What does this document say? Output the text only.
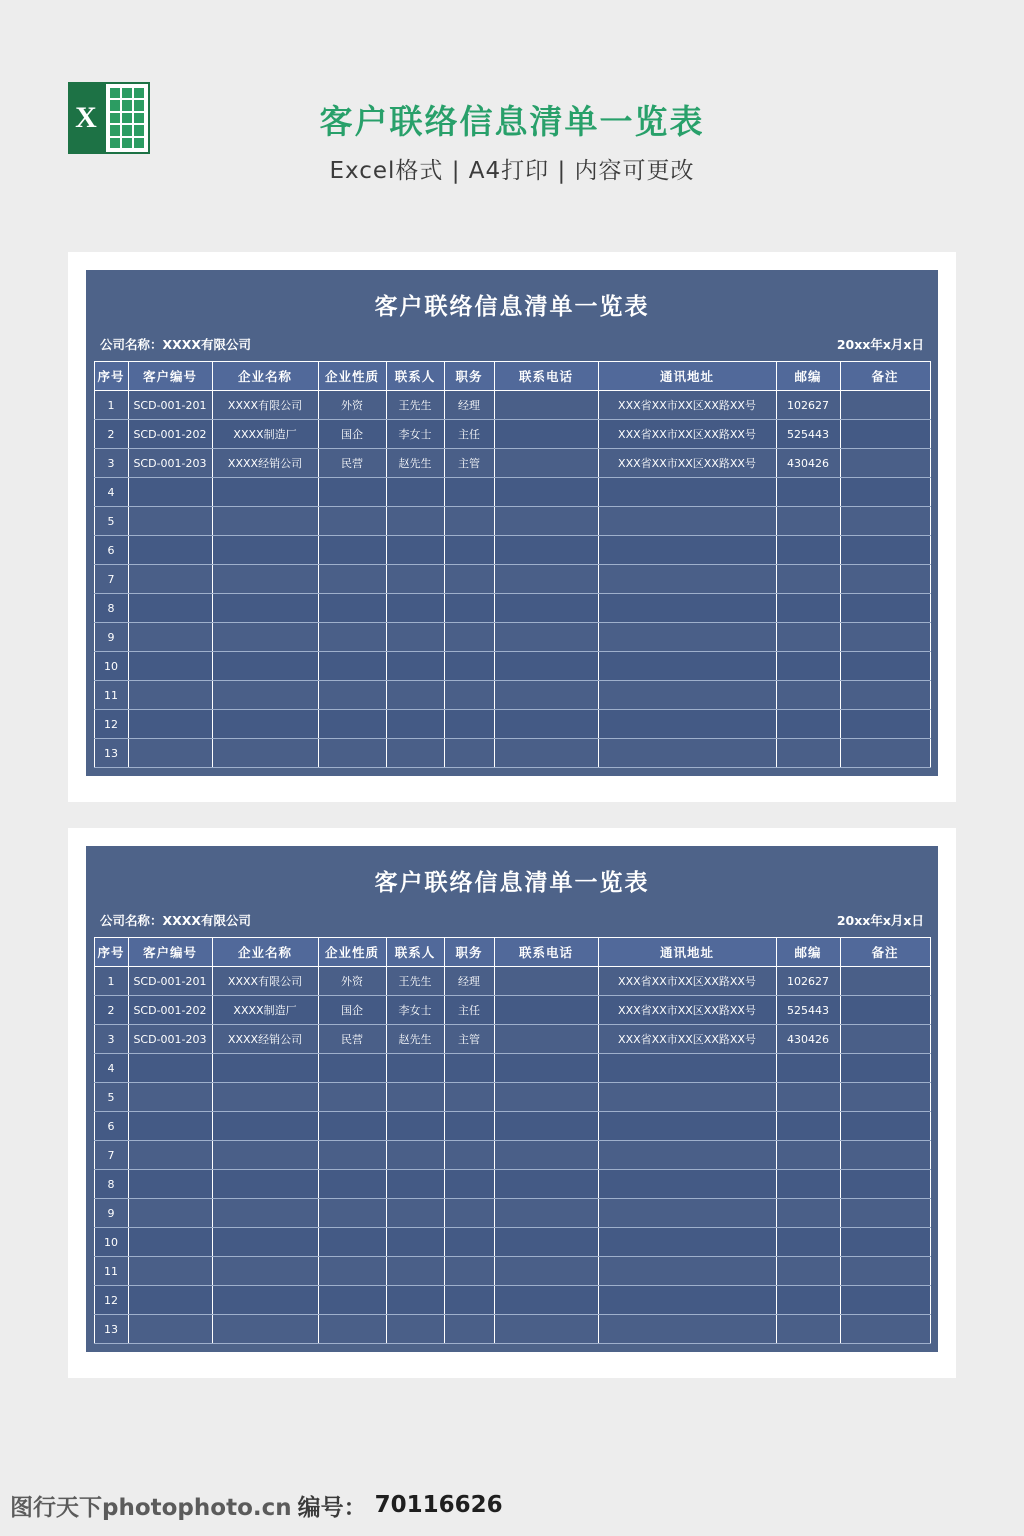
X	客户联络信息清单一览表
Excel格式 | A4打印 | 内容可更改
客户联络信息清单一览表
公司名称：XXXX有限公司	20xx年x月x日
序号	客户编号	企业名称	企业性质	联系人	职务	联系电话	通讯地址	邮编	备注
1	SCD-001-201	XXXX有限公司	外资	王先生	经理		XXX省XX市XX区XX路XX号	102627	
2	SCD-001-202	XXXX制造厂	国企	李女士	主任		XXX省XX市XX区XX路XX号	525443	
3	SCD-001-203	XXXX经销公司	民营	赵先生	主管		XXX省XX市XX区XX路XX号	430426	
4									
5									
6									
7									
8									
9									
10									
11									
12									
13									
客户联络信息清单一览表
公司名称：XXXX有限公司	20xx年x月x日
序号	客户编号	企业名称	企业性质	联系人	职务	联系电话	通讯地址	邮编	备注
1	SCD-001-201	XXXX有限公司	外资	王先生	经理		XXX省XX市XX区XX路XX号	102627	
2	SCD-001-202	XXXX制造厂	国企	李女士	主任		XXX省XX市XX区XX路XX号	525443	
3	SCD-001-203	XXXX经销公司	民营	赵先生	主管		XXX省XX市XX区XX路XX号	430426	
4									
5									
6									
7									
8									
9									
10									
11									
12									
13									
图行天下photophoto.cn 编号： 70116626
